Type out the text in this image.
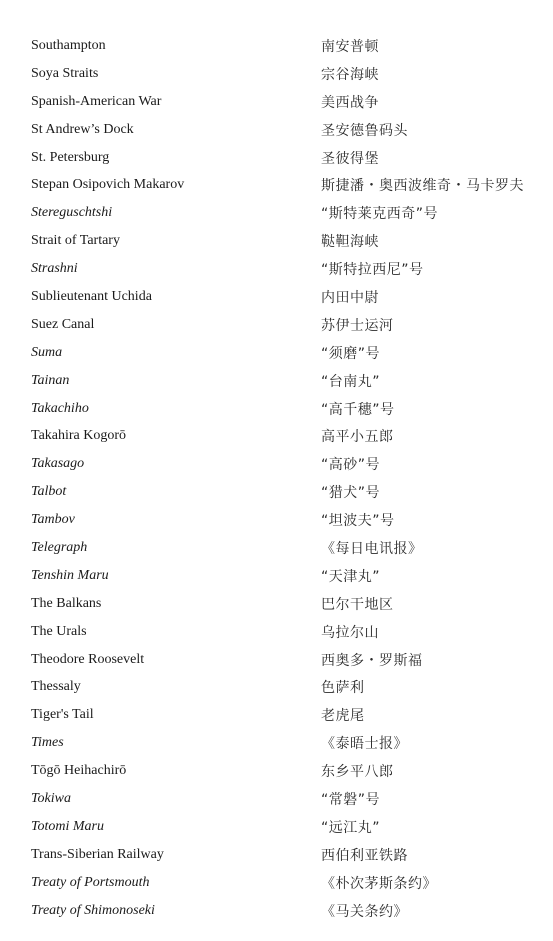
Southampton	南安普顿
Soya Straits	宗谷海峡
Spanish-American War	美西战争
St Andrew’s Dock	圣安德鲁码头
St. Petersburg	圣彼得堡
Stepan Osipovich Makarov	斯捷潘・奥西波维奇・马卡罗夫
Stereguschtshi	“斯特莱克西奇”号
Strait of Tartary	鞑靼海峡
Strashni	“斯特拉西尼”号
Sublieutenant Uchida	内田中尉
Suez Canal	苏伊士运河
Suma	“须磨”号
Tainan	“台南丸”
Takachiho	“高千穗”号
Takahira Kogorō	高平小五郎
Takasago	“高砂”号
Talbot	“猎犬”号
Tambov	“坦波夫”号
Telegraph	《每日电讯报》
Tenshin Maru	“天津丸”
The Balkans	巴尔干地区
The Urals	乌拉尔山
Theodore Roosevelt	西奥多・罗斯福
Thessaly	色萨利
Tiger's Tail	老虎尾
Times	《泰晤士报》
Tōgō Heihachirō	东乡平八郎
Tokiwa	“常磐”号
Totomi Maru	“远江丸”
Trans-Siberian Railway	西伯利亚铁路
Treaty of Portsmouth	《朴次茅斯条约》
Treaty of Shimonoseki	《马关条约》
